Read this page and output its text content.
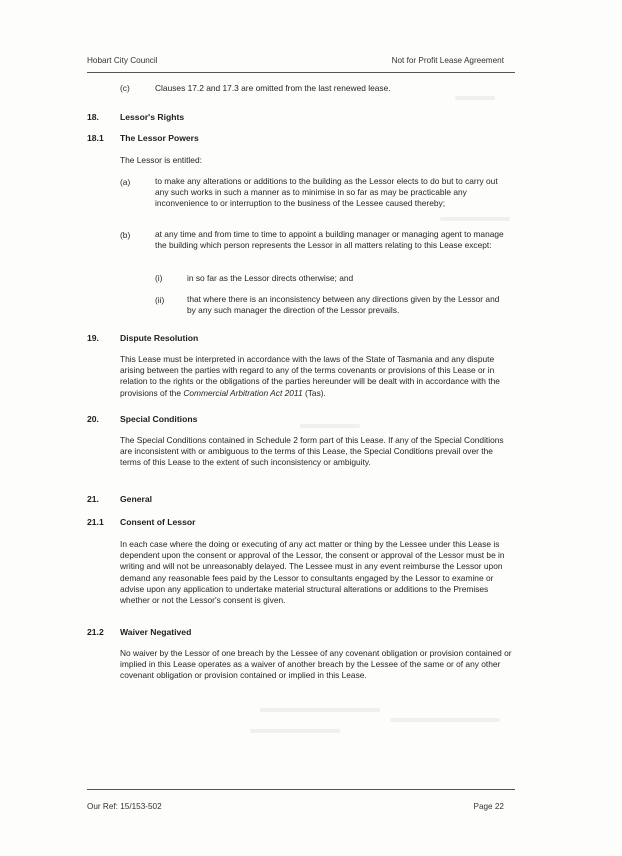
Hobart City Council	Not for Profit Lease Agreement
(c)	Clauses 17.2 and 17.3 are omitted from the last renewed lease.
18. Lessor's Rights
18.1 The Lessor Powers
The Lessor is entitled:
(a)	to make any alterations or additions to the building as the Lessor elects to do but to carry out any such works in such a manner as to minimise in so far as may be practicable any inconvenience to or interruption to the business of the Lessee caused thereby;
(b)	at any time and from time to time to appoint a building manager or managing agent to manage the building which person represents the Lessor in all matters relating to this Lease except:
(i)	in so far as the Lessor directs otherwise; and
(ii)	that where there is an inconsistency between any directions given by the Lessor and by any such manager the direction of the Lessor prevails.
19. Dispute Resolution
This Lease must be interpreted in accordance with the laws of the State of Tasmania and any dispute arising between the parties with regard to any of the terms covenants or provisions of this Lease or in relation to the rights or the obligations of the parties hereunder will be dealt with in accordance with the provisions of the Commercial Arbitration Act 2011 (Tas).
20. Special Conditions
The Special Conditions contained in Schedule 2 form part of this Lease. If any of the Special Conditions are inconsistent with or ambiguous to the terms of this Lease, the Special Conditions prevail over the terms of this Lease to the extent of such inconsistency or ambiguity.
21. General
21.1 Consent of Lessor
In each case where the doing or executing of any act matter or thing by the Lessee under this Lease is dependent upon the consent or approval of the Lessor, the consent or approval of the Lessor must be in writing and will not be unreasonably delayed. The Lessee must in any event reimburse the Lessor upon demand any reasonable fees paid by the Lessor to consultants engaged by the Lessor to examine or advise upon any application to undertake material structural alterations or additions to the Premises whether or not the Lessor's consent is given.
21.2 Waiver Negatived
No waiver by the Lessor of one breach by the Lessee of any covenant obligation or provision contained or implied in this Lease operates as a waiver of another breach by the Lessee of the same or of any other covenant obligation or provision contained or implied in this Lease.
Our Ref: 15/153-502	Page 22
